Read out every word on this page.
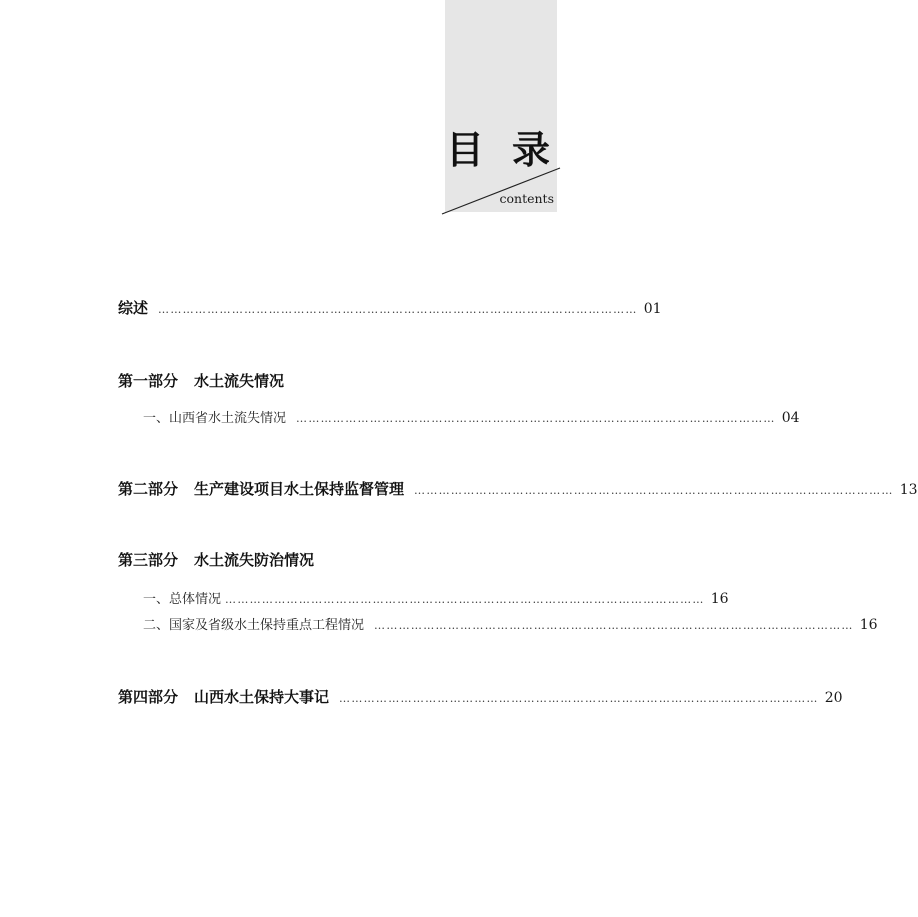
目录
contents
综述 ……………………………………………………………………………………………………… 01
第一部分 水土流失情况
一、山西省水土流失情况 ……………………………………………………………………………………………………… 04
第二部分 生产建设项目水土保持监督管理 ……………………………………………………………………………………………………… 13
第三部分 水土流失防治情况
一、总体情况 ……………………………………………………………………………………………………… 16
二、国家及省级水土保持重点工程情况 ……………………………………………………………………………………………………… 16
第四部分 山西水土保持大事记 ……………………………………………………………………………………………………… 20
